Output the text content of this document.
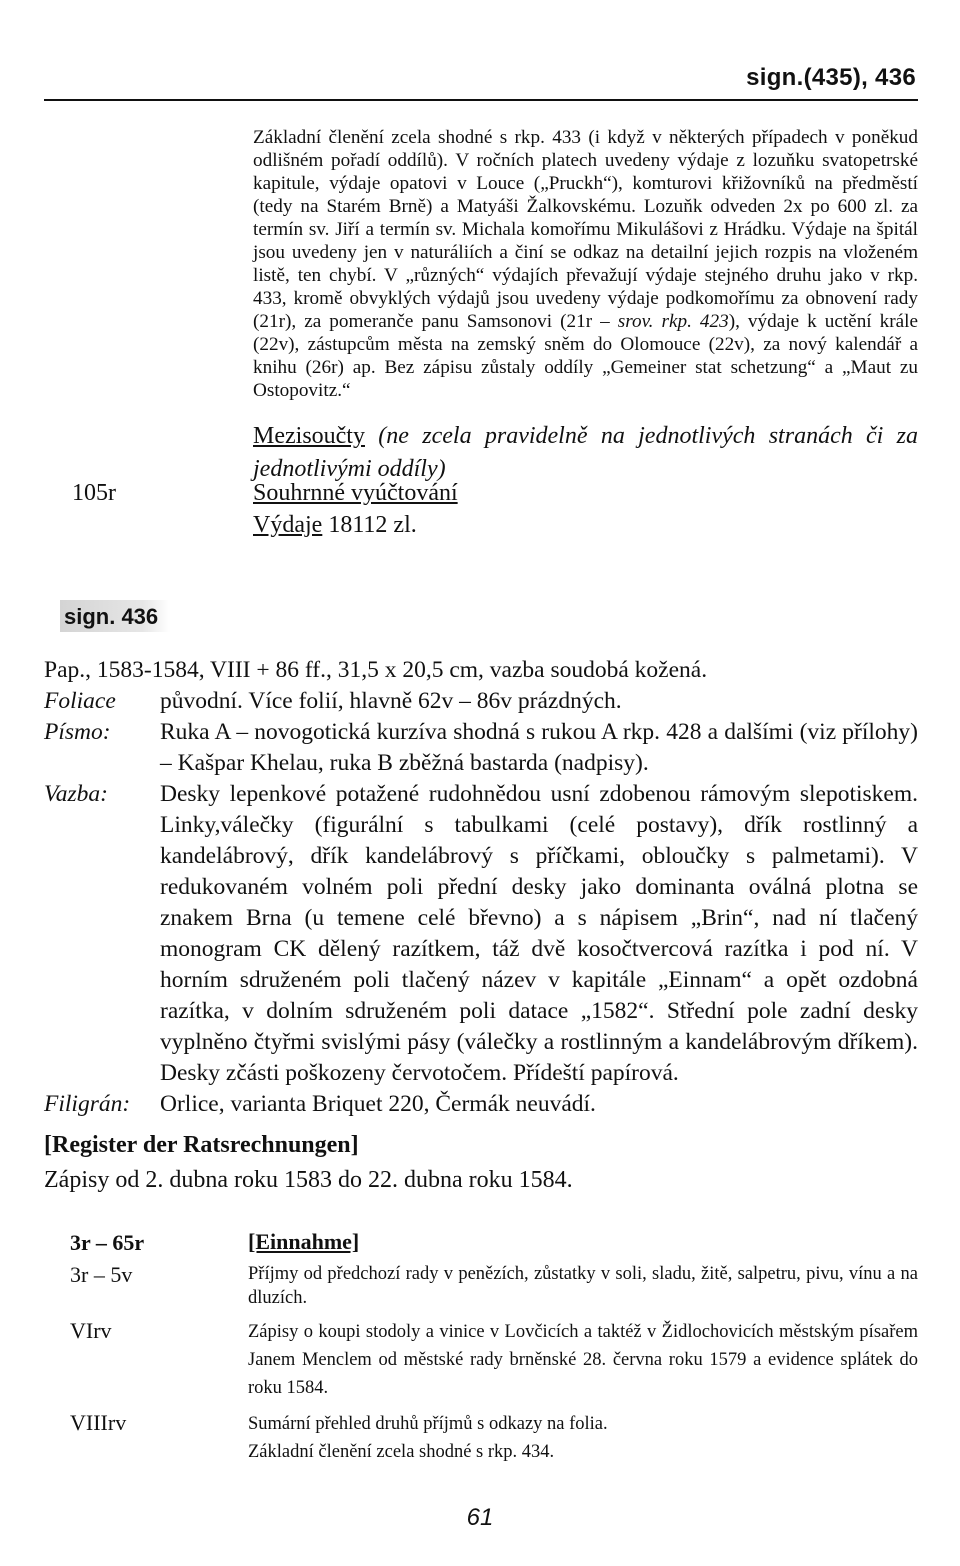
sign.(435), 436
Základní členění zcela shodné s rkp. 433 (i když v některých případech v poněkud odlišném pořadí oddílů). V ročních platech uvedeny výdaje z lozuňku svatopetrské kapitule, výdaje opatovi v Louce („Pruckh“), komturovi křižovníků na předměstí (tedy na Starém Brně) a Matyáši Žalkovskému. Lozuňk odveden 2x po 600 zl. za termín sv. Jiří a termín sv. Michala komořímu Mikulášovi z Hrádku. Výdaje na špitál jsou uvedeny jen v naturáliích a činí se odkaz na detailní jejich rozpis na vloženém listě, ten chybí. V „různých“ výdajích převažují výdaje stejného druhu jako v rkp. 433, kromě obvyklých výdajů jsou uvedeny výdaje podkomořímu za obnovení rady (21r), za pomeranče panu Samsonovi (21r – srov. rkp. 423), výdaje k uctění krále (22v), zástupcům města na zemský sněm do Olomouce (22v), za nový kalendář a knihu (26r) ap. Bez zápisu zůstaly oddíly „Gemeiner stat schetzung“ a „Maut zu Ostopovitz.“
Mezisoučty (ne zcela pravidelně na jednotlivých stranách či za jednotlivými oddíly)
105r	Souhrnné vyúčtování
Výdaje 18112 zl.
sign. 436
Pap., 1583-1584, VIII + 86 ff., 31,5 x 20,5 cm, vazba soudobá kožená.
Foliace	původní. Více folií, hlavně 62v – 86v prázdných.
Písmo:	Ruka A – novogotická kurzíva shodná s rukou A rkp. 428 a dalšími (viz přílohy) – Kašpar Khelau, ruka B zběžná bastarda (nadpisy).
Vazba:	Desky lepenkové potažené rudohnědou usní zdobenou rámovým slepotiskem. Linky,válečky (figurální s tabulkami (celé postavy), dřík rostlinný a kandelábrový, dřík kandelábrový s příčkami, obloučky s palmetami). V redukovaném volném poli přední desky jako dominanta oválná plotna se znakem Brna (u temene celé břevno) a s nápisem „Brin“, nad ní tlačený monogram CK dělený razítkem, táž dvě kosočtvercová razítka i pod ní. V horním sdruženém poli tlačený název v kapitále „Einnam“ a opět ozdobná razítka, v dolním sdruženém poli datace „1582“. Střední pole zadní desky vyplněno čtyřmi svislými pásy (válečky a rostlinným a kandelábrovým dříkem). Desky zčásti poškozeny červotočem. Přídeští papírová.
Filigrán:	Orlice, varianta Briquet 220, Čermák neuvádí.
[Register der Ratsrechnungen]
Zápisy od 2. dubna roku 1583 do 22. dubna roku 1584.
3r – 65r	[Einnahme]
3r – 5v	Příjmy od předchozí rady v penězích, zůstatky v soli, sladu, žitě, salpetru, pivu, vínu a na dluzích.
VIrv	Zápisy o koupi stodoly a vinice v Lovčicích a taktéž v Židlochovicích městským písařem Janem Menclem od městské rady brněnské 28. června roku 1579 a evidence splátek do roku 1584.
VIIIrv	Sumární přehled druhů příjmů s odkazy na folia.
Základní členění zcela shodné s rkp. 434.
61
